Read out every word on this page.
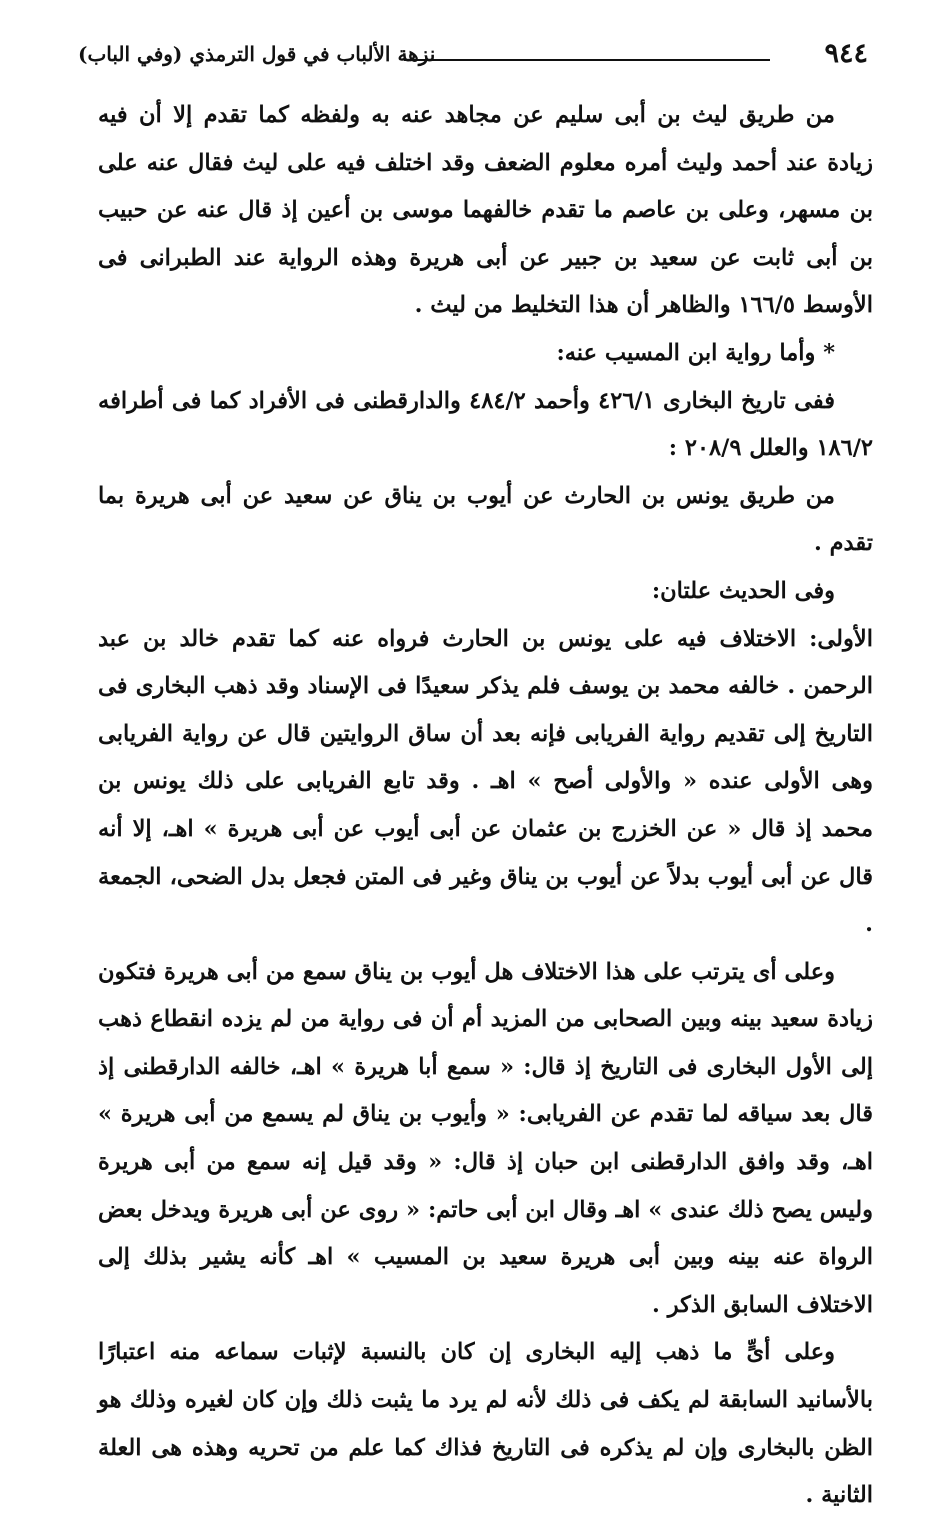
٩٤٤
نزهة الألباب في قول الترمذي (وفي الباب)

من طريق ليث بن أبى سليم عن مجاهد عنه به ولفظه كما تقدم إلا أن فيه زيادة عند أحمد وليث أمره معلوم الضعف وقد اختلف فيه على ليث فقال عنه على بن مسهر، وعلى بن عاصم ما تقدم خالفهما موسى بن أعين إذ قال عنه عن حبيب بن أبى ثابت عن سعيد بن جبير عن أبى هريرة وهذه الرواية عند الطبرانى فى الأوسط ١٦٦/٥ والظاهر أن هذا التخليط من ليث .

* وأما رواية ابن المسيب عنه:

ففى تاريخ البخارى ٤٢٦/١ وأحمد ٤٨٤/٢ والدارقطنى فى الأفراد كما فى أطرافه ١٨٦/٢ والعلل ٢٠٨/٩ :

من طريق يونس بن الحارث عن أيوب بن يناق عن سعيد عن أبى هريرة بما تقدم .

وفى الحديث علتان:

الأولى: الاختلاف فيه على يونس بن الحارث فرواه عنه كما تقدم خالد بن عبد الرحمن . خالفه محمد بن يوسف فلم يذكر سعيدًا فى الإسناد وقد ذهب البخارى فى التاريخ إلى تقديم رواية الفريابى فإنه بعد أن ساق الروايتين قال عن رواية الفريابى وهى الأولى عنده « والأولى أصح » اهـ . وقد تابع الفريابى على ذلك يونس بن محمد إذ قال « عن الخزرج بن عثمان عن أبى أيوب عن أبى هريرة » اهـ، إلا أنه قال عن أبى أيوب بدلاً عن أيوب بن يناق وغير فى المتن فجعل بدل الضحى، الجمعة .

وعلى أى يترتب على هذا الاختلاف هل أيوب بن يناق سمع من أبى هريرة فتكون زيادة سعيد بينه وبين الصحابى من المزيد أم أن فى رواية من لم يزده انقطاع ذهب إلى الأول البخارى فى التاريخ إذ قال: « سمع أبا هريرة » اهـ، خالفه الدارقطنى إذ قال بعد سياقه لما تقدم عن الفريابى: « وأيوب بن يناق لم يسمع من أبى هريرة » اهـ، وقد وافق الدارقطنى ابن حبان إذ قال: « وقد قيل إنه سمع من أبى هريرة وليس يصح ذلك عندى » اهـ وقال ابن أبى حاتم: « روى عن أبى هريرة ويدخل بعض الرواة عنه بينه وبين أبى هريرة سعيد بن المسيب » اهـ كأنه يشير بذلك إلى الاختلاف السابق الذكر .

وعلى أىٍّ ما ذهب إليه البخارى إن كان بالنسبة لإثبات سماعه منه اعتبارًا بالأسانيد السابقة لم يكف فى ذلك لأنه لم يرد ما يثبت ذلك وإن كان لغيره وذلك هو الظن بالبخارى وإن لم يذكره فى التاريخ فذاك كما علم من تحريه وهذه هى العلة الثانية .
